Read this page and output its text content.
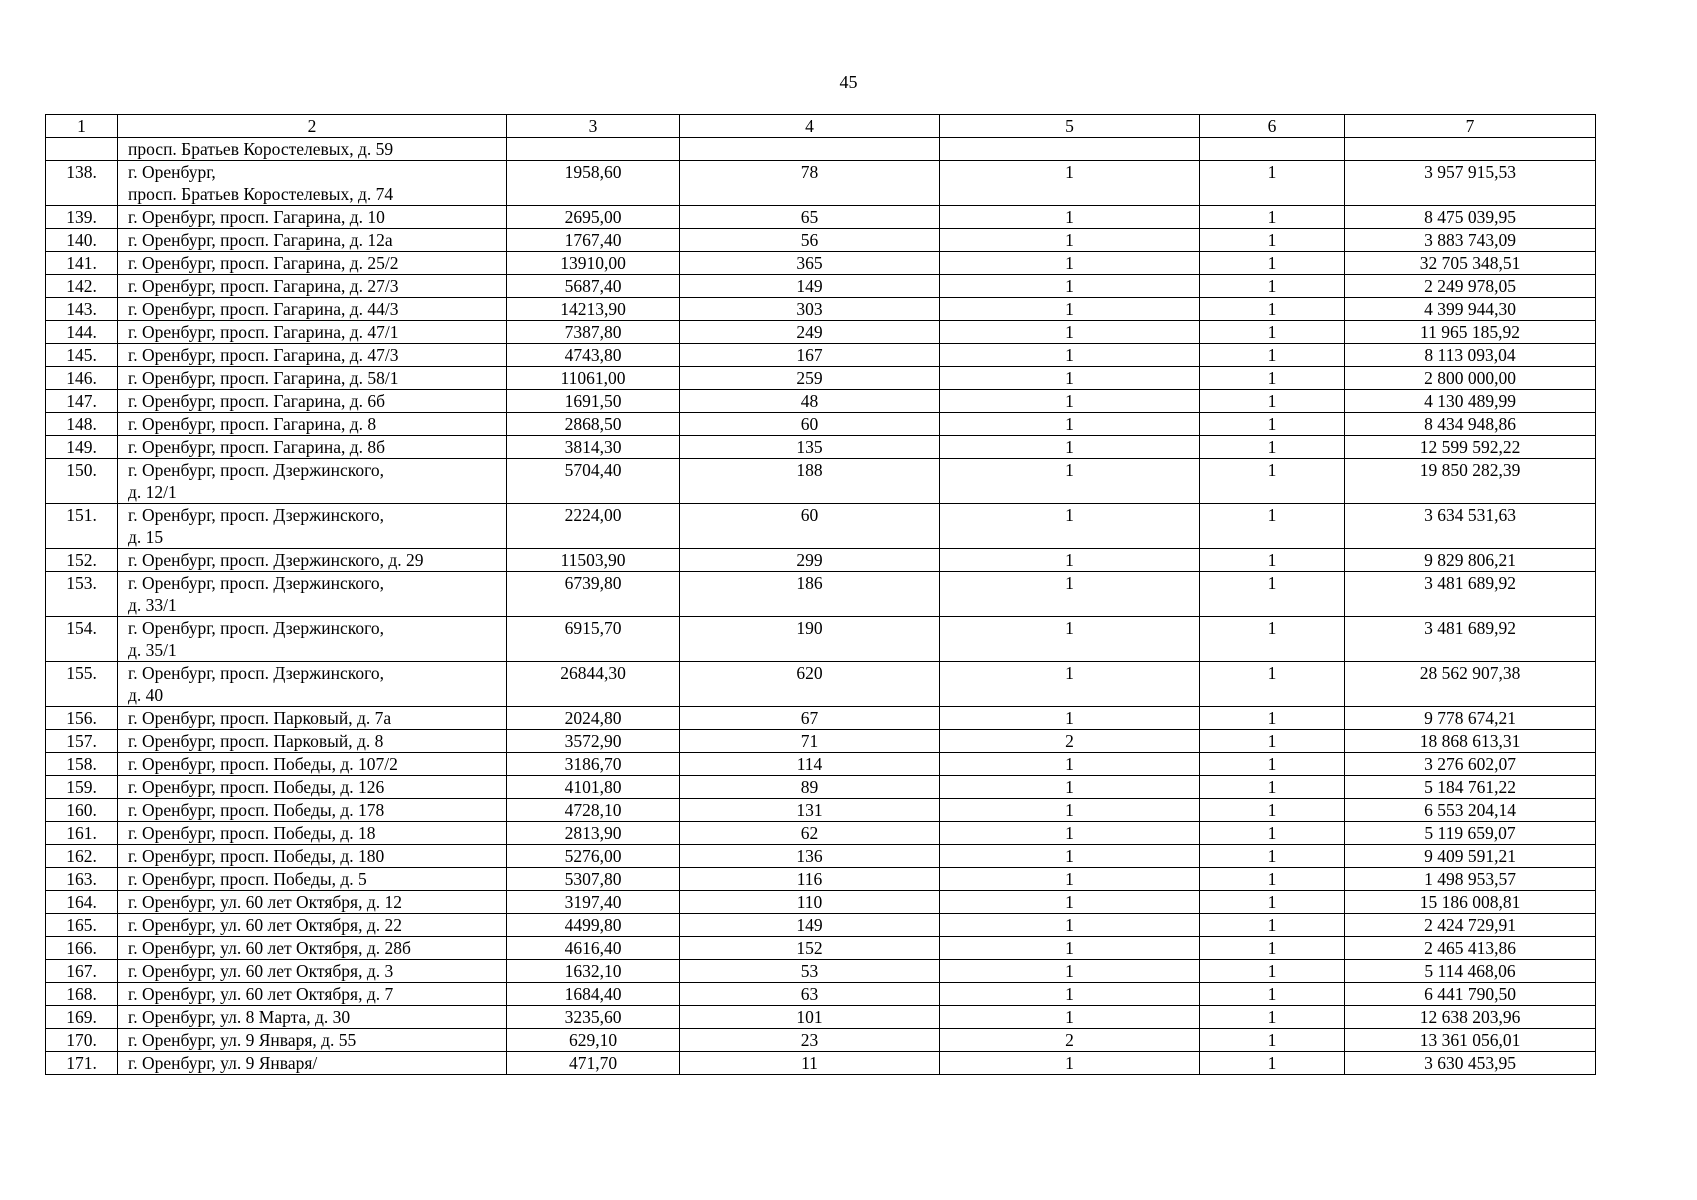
45
1	2	3	4	5	6	7

	просп. Братьев Коростелевых, д. 59					

138.	г. Оренбург,
просп. Братьев Коростелевых, д. 74	1958,60	78	1	1	3 957 915,53
139.	г. Оренбург, просп. Гагарина, д. 10	2695,00	65	1	1	8 475 039,95
140.	г. Оренбург, просп. Гагарина, д. 12а	1767,40	56	1	1	3 883 743,09
141.	г. Оренбург, просп. Гагарина, д. 25/2	13910,00	365	1	1	32 705 348,51
142.	г. Оренбург, просп. Гагарина, д. 27/3	5687,40	149	1	1	2 249 978,05
143.	г. Оренбург, просп. Гагарина, д. 44/3	14213,90	303	1	1	4 399 944,30
144.	г. Оренбург, просп. Гагарина, д. 47/1	7387,80	249	1	1	11 965 185,92
145.	г. Оренбург, просп. Гагарина, д. 47/3	4743,80	167	1	1	8 113 093,04
146.	г. Оренбург, просп. Гагарина, д. 58/1	11061,00	259	1	1	2 800 000,00
147.	г. Оренбург, просп. Гагарина, д. 6б	1691,50	48	1	1	4 130 489,99
148.	г. Оренбург, просп. Гагарина, д. 8	2868,50	60	1	1	8 434 948,86
149.	г. Оренбург, просп. Гагарина, д. 8б	3814,30	135	1	1	12 599 592,22
150.	г. Оренбург, просп. Дзержинского,
д. 12/1	5704,40	188	1	1	19 850 282,39
151.	г. Оренбург, просп. Дзержинского,
д. 15	2224,00	60	1	1	3 634 531,63
152.	г. Оренбург, просп. Дзержинского, д. 29	11503,90	299	1	1	9 829 806,21
153.	г. Оренбург, просп. Дзержинского,
д. 33/1	6739,80	186	1	1	3 481 689,92
154.	г. Оренбург, просп. Дзержинского,
д. 35/1	6915,70	190	1	1	3 481 689,92
155.	г. Оренбург, просп. Дзержинского,
д. 40	26844,30	620	1	1	28 562 907,38
156.	г. Оренбург, просп. Парковый, д. 7а	2024,80	67	1	1	9 778 674,21
157.	г. Оренбург, просп. Парковый, д. 8	3572,90	71	2	1	18 868 613,31
158.	г. Оренбург, просп. Победы, д. 107/2	3186,70	114	1	1	3 276 602,07
159.	г. Оренбург, просп. Победы, д. 126	4101,80	89	1	1	5 184 761,22
160.	г. Оренбург, просп. Победы, д. 178	4728,10	131	1	1	6 553 204,14
161.	г. Оренбург, просп. Победы, д. 18	2813,90	62	1	1	5 119 659,07
162.	г. Оренбург, просп. Победы, д. 180	5276,00	136	1	1	9 409 591,21
163.	г. Оренбург, просп. Победы, д. 5	5307,80	116	1	1	1 498 953,57
164.	г. Оренбург, ул. 60 лет Октября, д. 12	3197,40	110	1	1	15 186 008,81
165.	г. Оренбург, ул. 60 лет Октября, д. 22	4499,80	149	1	1	2 424 729,91
166.	г. Оренбург, ул. 60 лет Октября, д. 28б	4616,40	152	1	1	2 465 413,86
167.	г. Оренбург, ул. 60 лет Октября, д. 3	1632,10	53	1	1	5 114 468,06
168.	г. Оренбург, ул. 60 лет Октября, д. 7	1684,40	63	1	1	6 441 790,50
169.	г. Оренбург, ул. 8 Марта, д. 30	3235,60	101	1	1	12 638 203,96
170.	г. Оренбург, ул. 9 Января, д. 55	629,10	23	2	1	13 361 056,01
171.	г. Оренбург, ул. 9 Января/	471,70	11	1	1	3 630 453,95
